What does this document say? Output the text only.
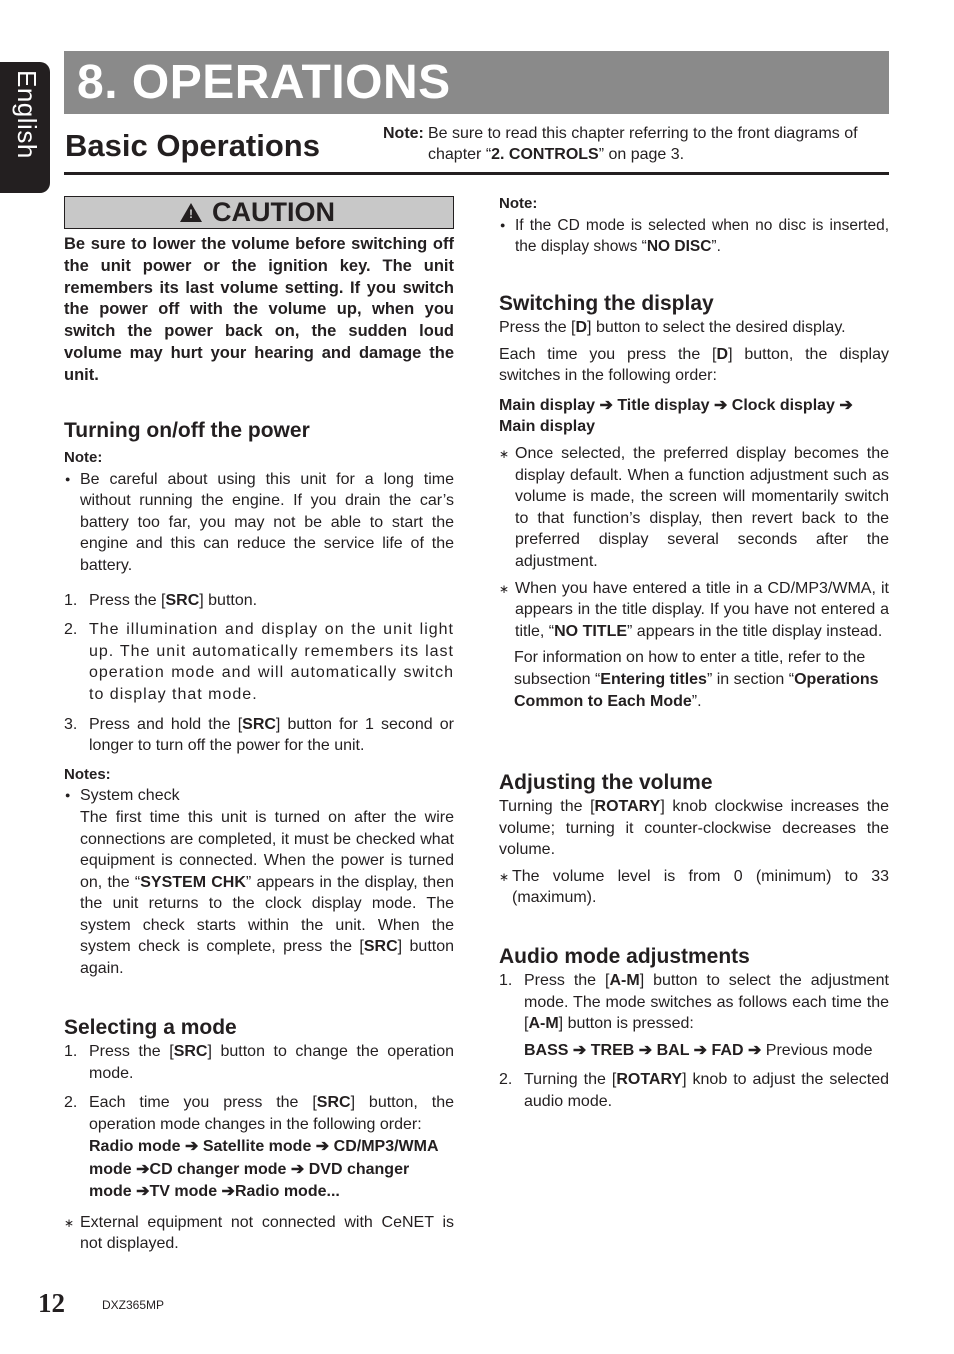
English 8. OPERATIONS
Basic Operations	Note: Be sure to read this chapter referring to the front diagrams of chapter “2. CONTROLS” on page 3.
! CAUTION
Be sure to lower the volume before switching off the unit power or the ignition key. The unit remembers its last volume setting. If you switch the power off with the volume up, when you switch the power back on, the sudden loud volume may hurt your hearing and damage the unit.
Turning on/off the power
Note:
● Be careful about using this unit for a long time without running the engine. If you drain the car’s battery too far, you may not be able to start the engine and this can reduce the service life of the battery.
1. Press the [SRC] button.
2. The illumination and display on the unit light up. The unit automatically remembers its last operation mode and will automatically switch to display that mode.
3. Press and hold the [SRC] button for 1 second or longer to turn off the power for the unit.
Notes:
● System check
The first time this unit is turned on after the wire connections are completed, it must be checked what equipment is connected. When the power is turned on, the “SYSTEM CHK” appears in the display, then the unit returns to the clock display mode. The system check starts within the unit. When the system check is complete, press the [SRC] button again.
Selecting a mode
1. Press the [SRC] button to change the operation mode.
2. Each time you press the [SRC] button, the operation mode changes in the following order:
Radio mode ➔ Satellite mode ➔ CD/MP3/WMA mode ➔CD changer mode ➔ DVD changer mode ➔TV mode ➔Radio mode...
∗ External equipment not connected with CeNET is not displayed.
Note:
● If the CD mode is selected when no disc is inserted, the display shows “NO DISC”.
Switching the display

Press the [D] button to select the desired display.

Each time you press the [D] button, the display switches in the following order:

Main display ➔ Title display ➔ Clock display ➔ Main display
∗ Once selected, the preferred display becomes the display default. When a function adjustment such as volume is made, the screen will momentarily switch to that function’s display, then revert back to the preferred display several seconds after the adjustment.
∗ When you have entered a title in a CD/MP3/WMA, it appears in the title display. If you have not entered a title, “NO TITLE” appears in the title display instead.

For information on how to enter a title, refer to the subsection “Entering titles” in section “Operations Common to Each Mode”.

Adjusting the volume

Turning the [ROTARY] knob clockwise increases the volume; turning it counter-clockwise decreases the volume.

∗ The volume level is from 0 (minimum) to 33 (maximum).
Audio mode adjustments
1. Press the [A-M] button to select the adjustment mode. The mode switches as follows each time the [A-M] button is pressed:
BASS ➔ TREB ➔ BAL ➔ FAD ➔ Previous mode
2. Turning the [ROTARY] knob to adjust the selected audio mode.
12	DXZ365MP
